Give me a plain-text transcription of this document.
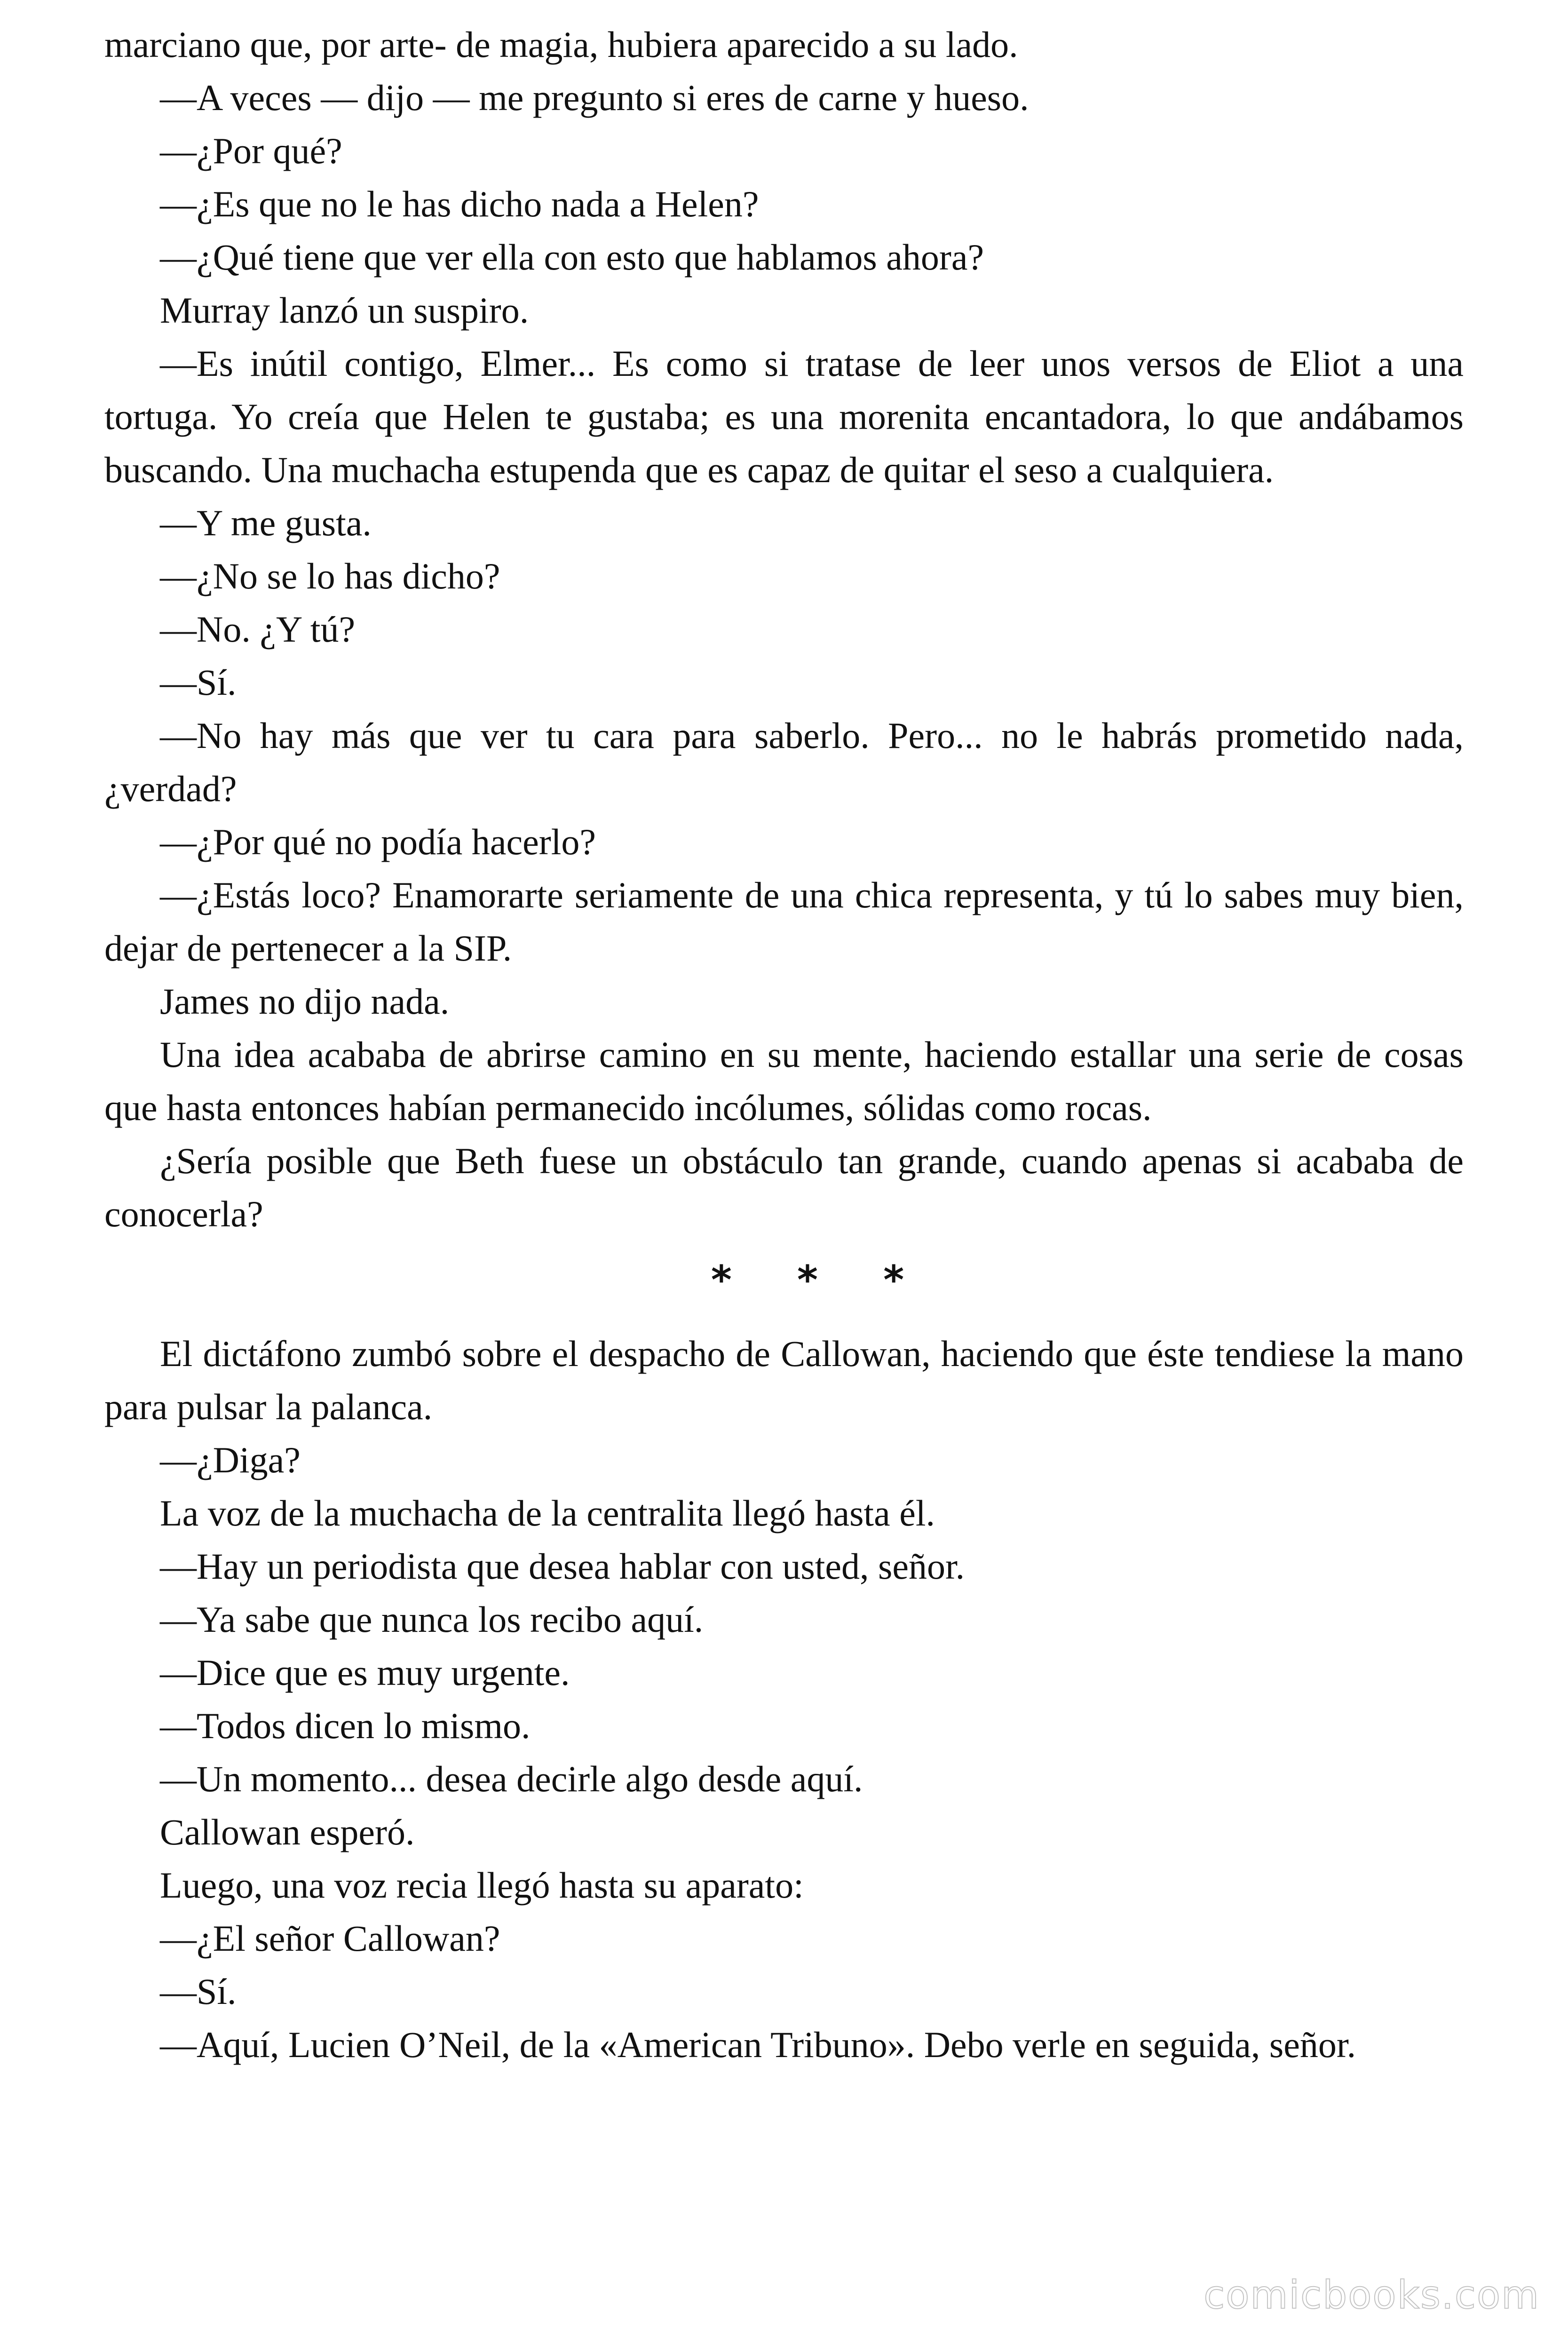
marciano que, por arte- de magia, hubiera aparecido a su lado.

—A veces — dijo — me pregunto si eres de carne y hueso.

—¿Por qué?

—¿Es que no le has dicho nada a Helen?

—¿Qué tiene que ver ella con esto que hablamos ahora?

Murray lanzó un suspiro.

—Es inútil contigo, Elmer... Es como si tratase de leer unos versos de Eliot a una tortuga. Yo creía que Helen te gustaba; es una morenita encantadora, lo que andábamos buscando. Una muchacha estupenda que es capaz de quitar el seso a cualquiera.

—Y me gusta.

—¿No se lo has dicho?

—No. ¿Y tú?

—Sí.

—No hay más que ver tu cara para saberlo. Pero... no le habrás prometido nada, ¿verdad?

—¿Por qué no podía hacerlo?

—¿Estás loco? Enamorarte seriamente de una chica representa, y tú lo sabes muy bien, dejar de pertenecer a la SIP.

James no dijo nada.

Una idea acababa de abrirse camino en su mente, haciendo estallar una serie de cosas que hasta entonces habían permanecido incólumes, sólidas como rocas.

¿Sería posible que Beth fuese un obstáculo tan grande, cuando apenas si acababa de conocerla?

* * *

El dictáfono zumbó sobre el despacho de Callowan, haciendo que éste tendiese la mano para pulsar la palanca.

—¿Diga?

La voz de la muchacha de la centralita llegó hasta él.

—Hay un periodista que desea hablar con usted, señor.

—Ya sabe que nunca los recibo aquí.

—Dice que es muy urgente.

—Todos dicen lo mismo.

—Un momento... desea decirle algo desde aquí.

Callowan esperó.

Luego, una voz recia llegó hasta su aparato:

—¿El señor Callowan?

—Sí.

—Aquí, Lucien O’Neil, de la «American Tribuno». Debo verle en seguida, señor.

comicbooks.com
